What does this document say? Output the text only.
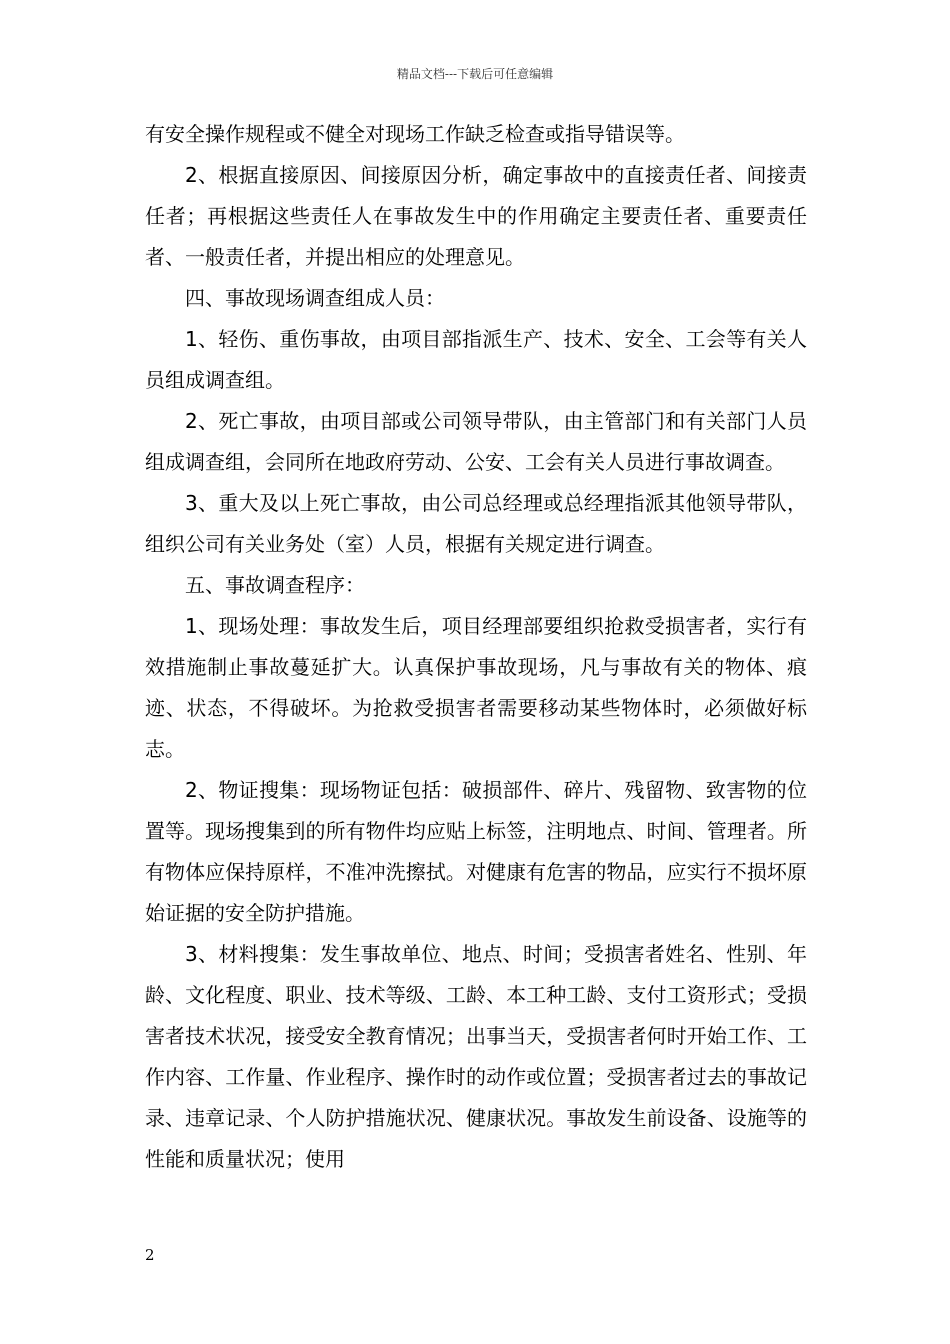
精品文档---下载后可任意编辑

有安全操作规程或不健全对现场工作缺乏检查或指导错误等。

2、根据直接原因、间接原因分析，确定事故中的直接责任者、间接责任者；再根据这些责任人在事故发生中的作用确定主要责任者、重要责任者、一般责任者，并提出相应的处理意见。

四、事故现场调查组成人员：

1、轻伤、重伤事故，由项目部指派生产、技术、安全、工会等有关人员组成调查组。

2、死亡事故，由项目部或公司领导带队，由主管部门和有关部门人员组成调查组，会同所在地政府劳动、公安、工会有关人员进行事故调查。

3、重大及以上死亡事故，由公司总经理或总经理指派其他领导带队，组织公司有关业务处（室）人员，根据有关规定进行调查。

五、事故调查程序：

1、现场处理：事故发生后，项目经理部要组织抢救受损害者，实行有效措施制止事故蔓延扩大。认真保护事故现场，凡与事故有关的物体、痕迹、状态，不得破坏。为抢救受损害者需要移动某些物体时，必须做好标志。

2、物证搜集：现场物证包括：破损部件、碎片、残留物、致害物的位置等。现场搜集到的所有物件均应贴上标签，注明地点、时间、管理者。所有物体应保持原样，不准冲洗擦拭。对健康有危害的物品，应实行不损坏原始证据的安全防护措施。

3、材料搜集：发生事故单位、地点、时间；受损害者姓名、性别、年龄、文化程度、职业、技术等级、工龄、本工种工龄、支付工资形式；受损害者技术状况，接受安全教育情况；出事当天，受损害者何时开始工作、工作内容、工作量、作业程序、操作时的动作或位置；受损害者过去的事故记录、违章记录、个人防护措施状况、健康状况。事故发生前设备、设施等的性能和质量状况；使用

2
